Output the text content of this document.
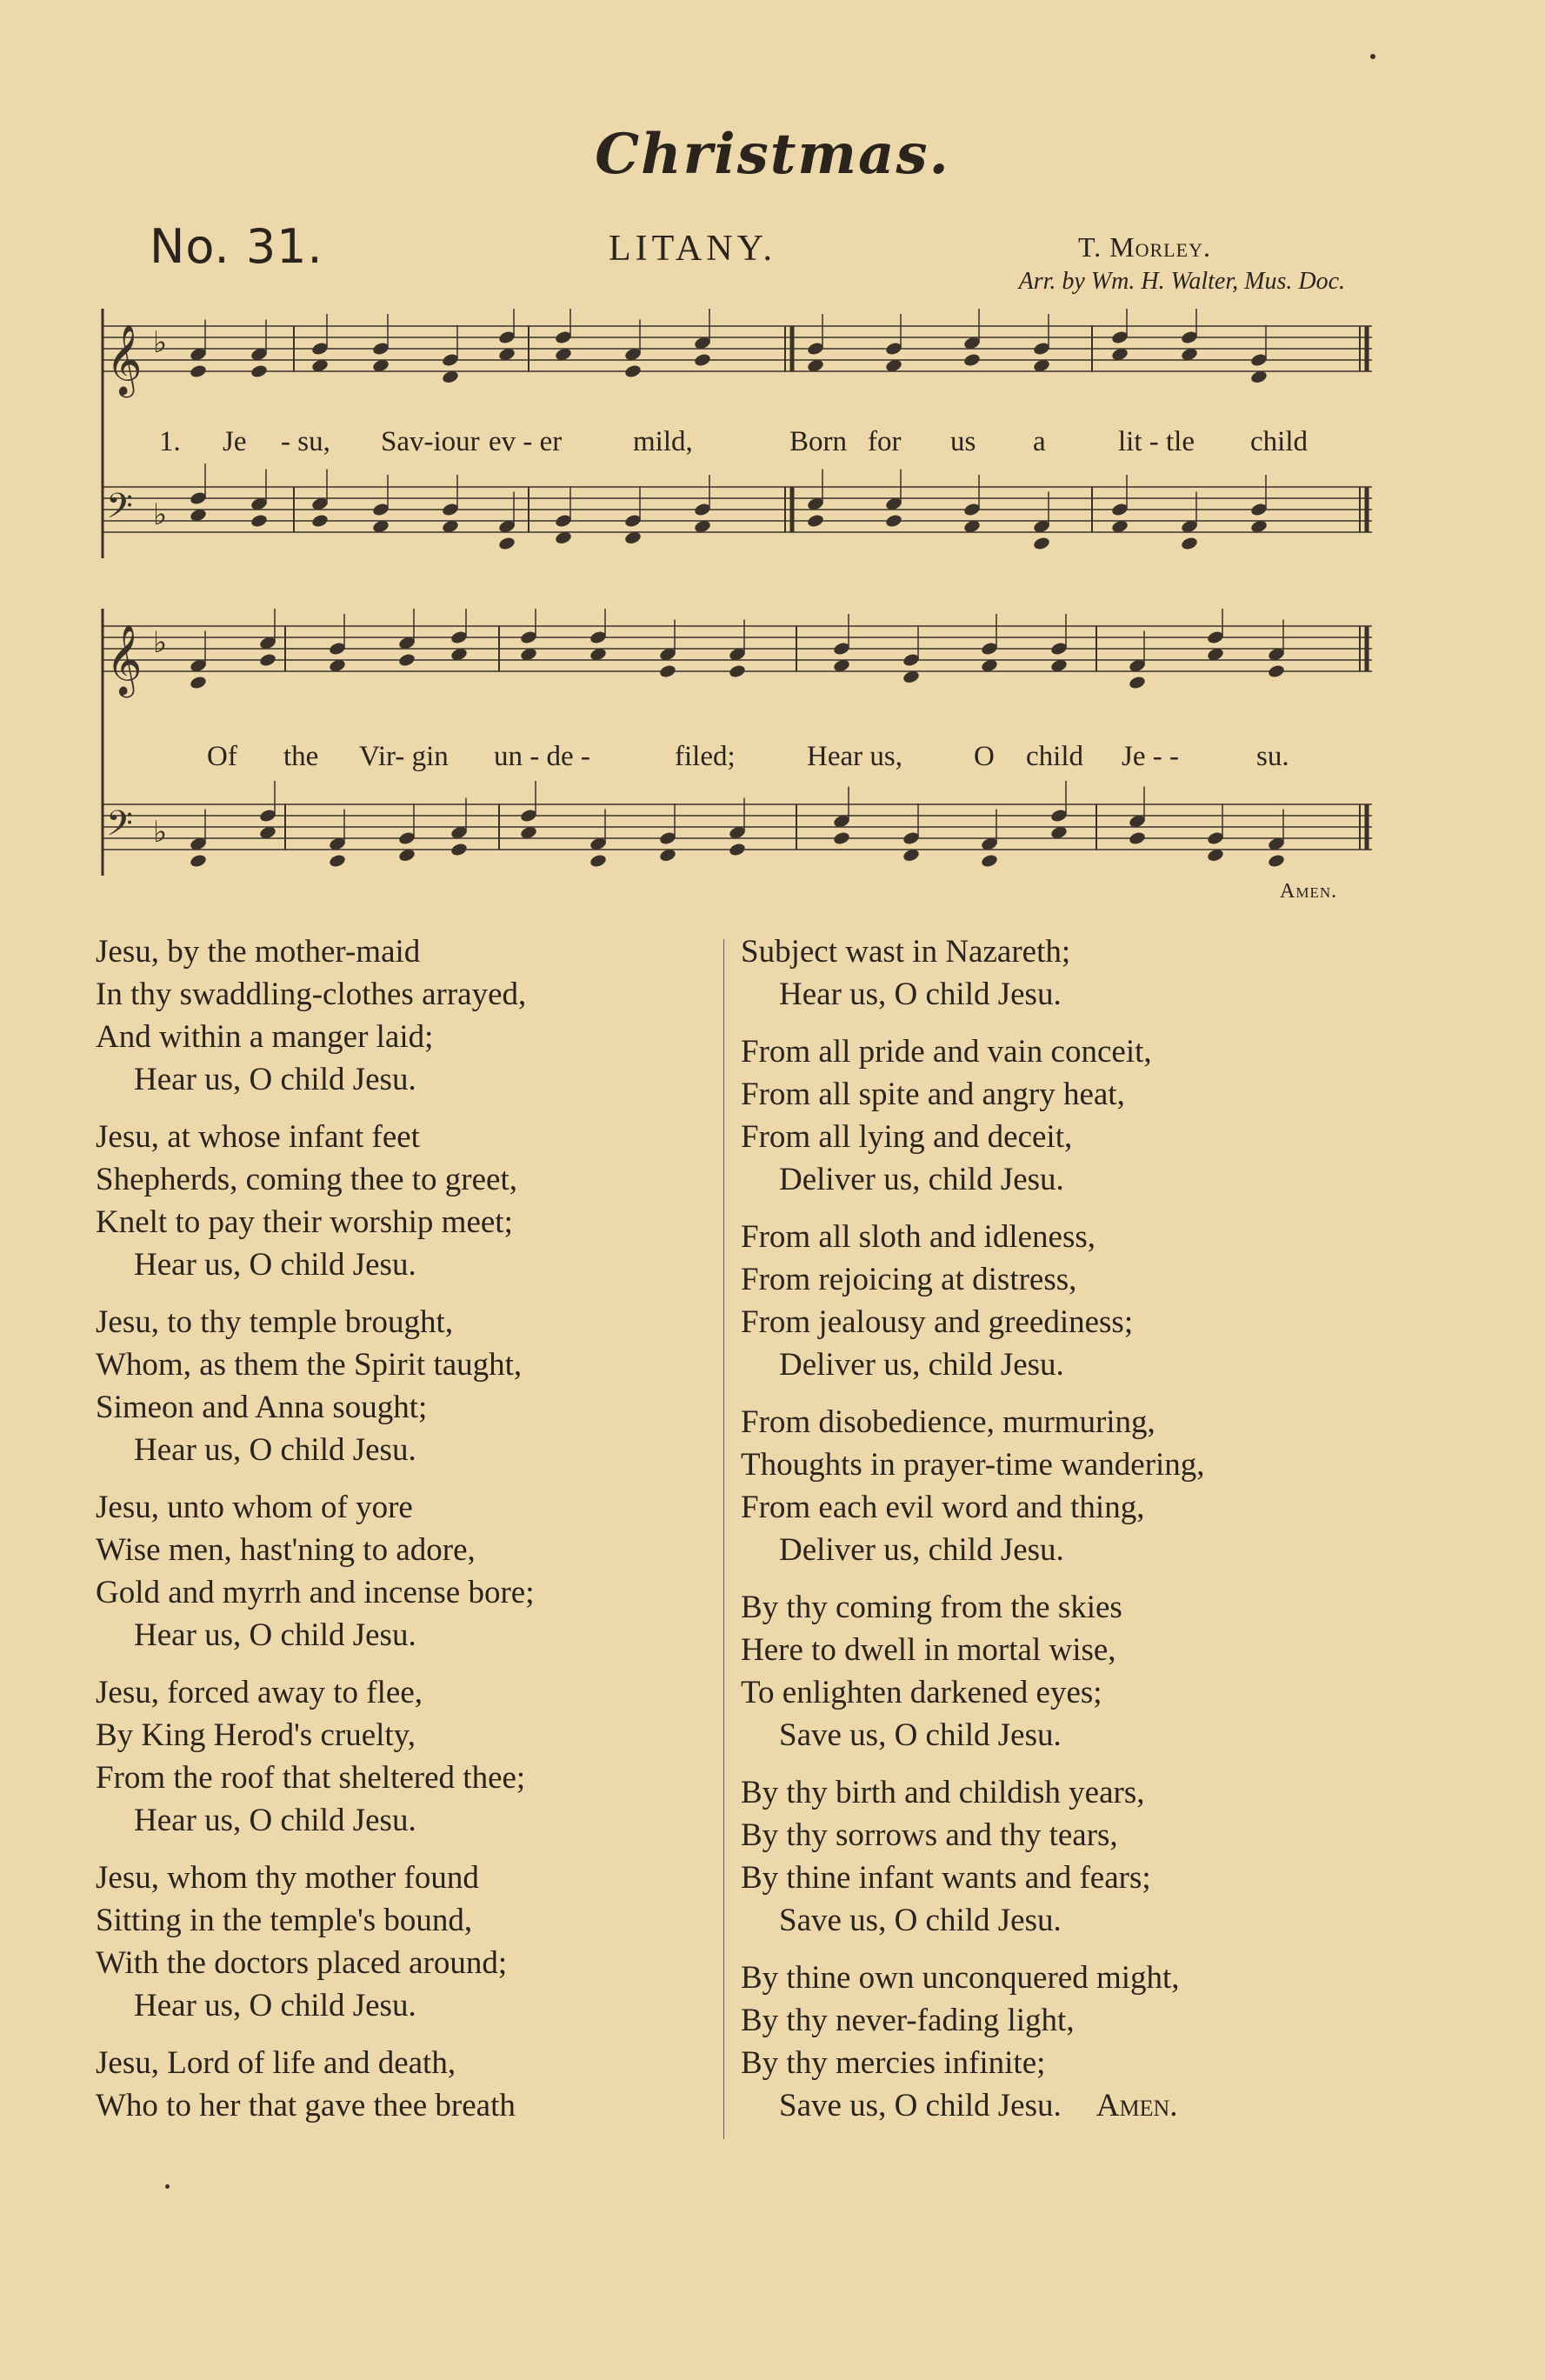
Christmas.
No. 31.	LITANY.	T. Morley.
Arr. by Wm. H. Walter, Mus. Doc.
𝄞 ♭
𝄢 ♭
1. Je - su, Sav-iour ev - er mild,	Born for us a	lit - tle child
𝄞 ♭
𝄢 ♭
Of the Vir- gin un - de -	filed; Hear us, O child Je - -	su.
Amen.
Jesu, by the mother-maid
In thy swaddling-clothes arrayed,
And within a manger laid;
Hear us, O child Jesu.
Jesu, at whose infant feet
Shepherds, coming thee to greet,
Knelt to pay their worship meet;
Hear us, O child Jesu.
Jesu, to thy temple brought,
Whom, as them the Spirit taught,
Simeon and Anna sought;
Hear us, O child Jesu.
Jesu, unto whom of yore
Wise men, hast'ning to adore,
Gold and myrrh and incense bore;
Hear us, O child Jesu.
Jesu, forced away to flee,
By King Herod's cruelty,
From the roof that sheltered thee;
Hear us, O child Jesu.
Jesu, whom thy mother found
Sitting in the temple's bound,
With the doctors placed around;
Hear us, O child Jesu.
Jesu, Lord of life and death,
Who to her that gave thee breath
Subject wast in Nazareth;
Hear us, O child Jesu.
From all pride and vain conceit,
From all spite and angry heat,
From all lying and deceit,
Deliver us, child Jesu.
From all sloth and idleness,
From rejoicing at distress,
From jealousy and greediness;
Deliver us, child Jesu.
From disobedience, murmuring,
Thoughts in prayer-time wandering,
From each evil word and thing,
Deliver us, child Jesu.
By thy coming from the skies
Here to dwell in mortal wise,
To enlighten darkened eyes;
Save us, O child Jesu.
By thy birth and childish years,
By thy sorrows and thy tears,
By thine infant wants and fears;
Save us, O child Jesu.
By thine own unconquered might,
By thy never-fading light,
By thy mercies infinite;
Save us, O child Jesu. Amen.
